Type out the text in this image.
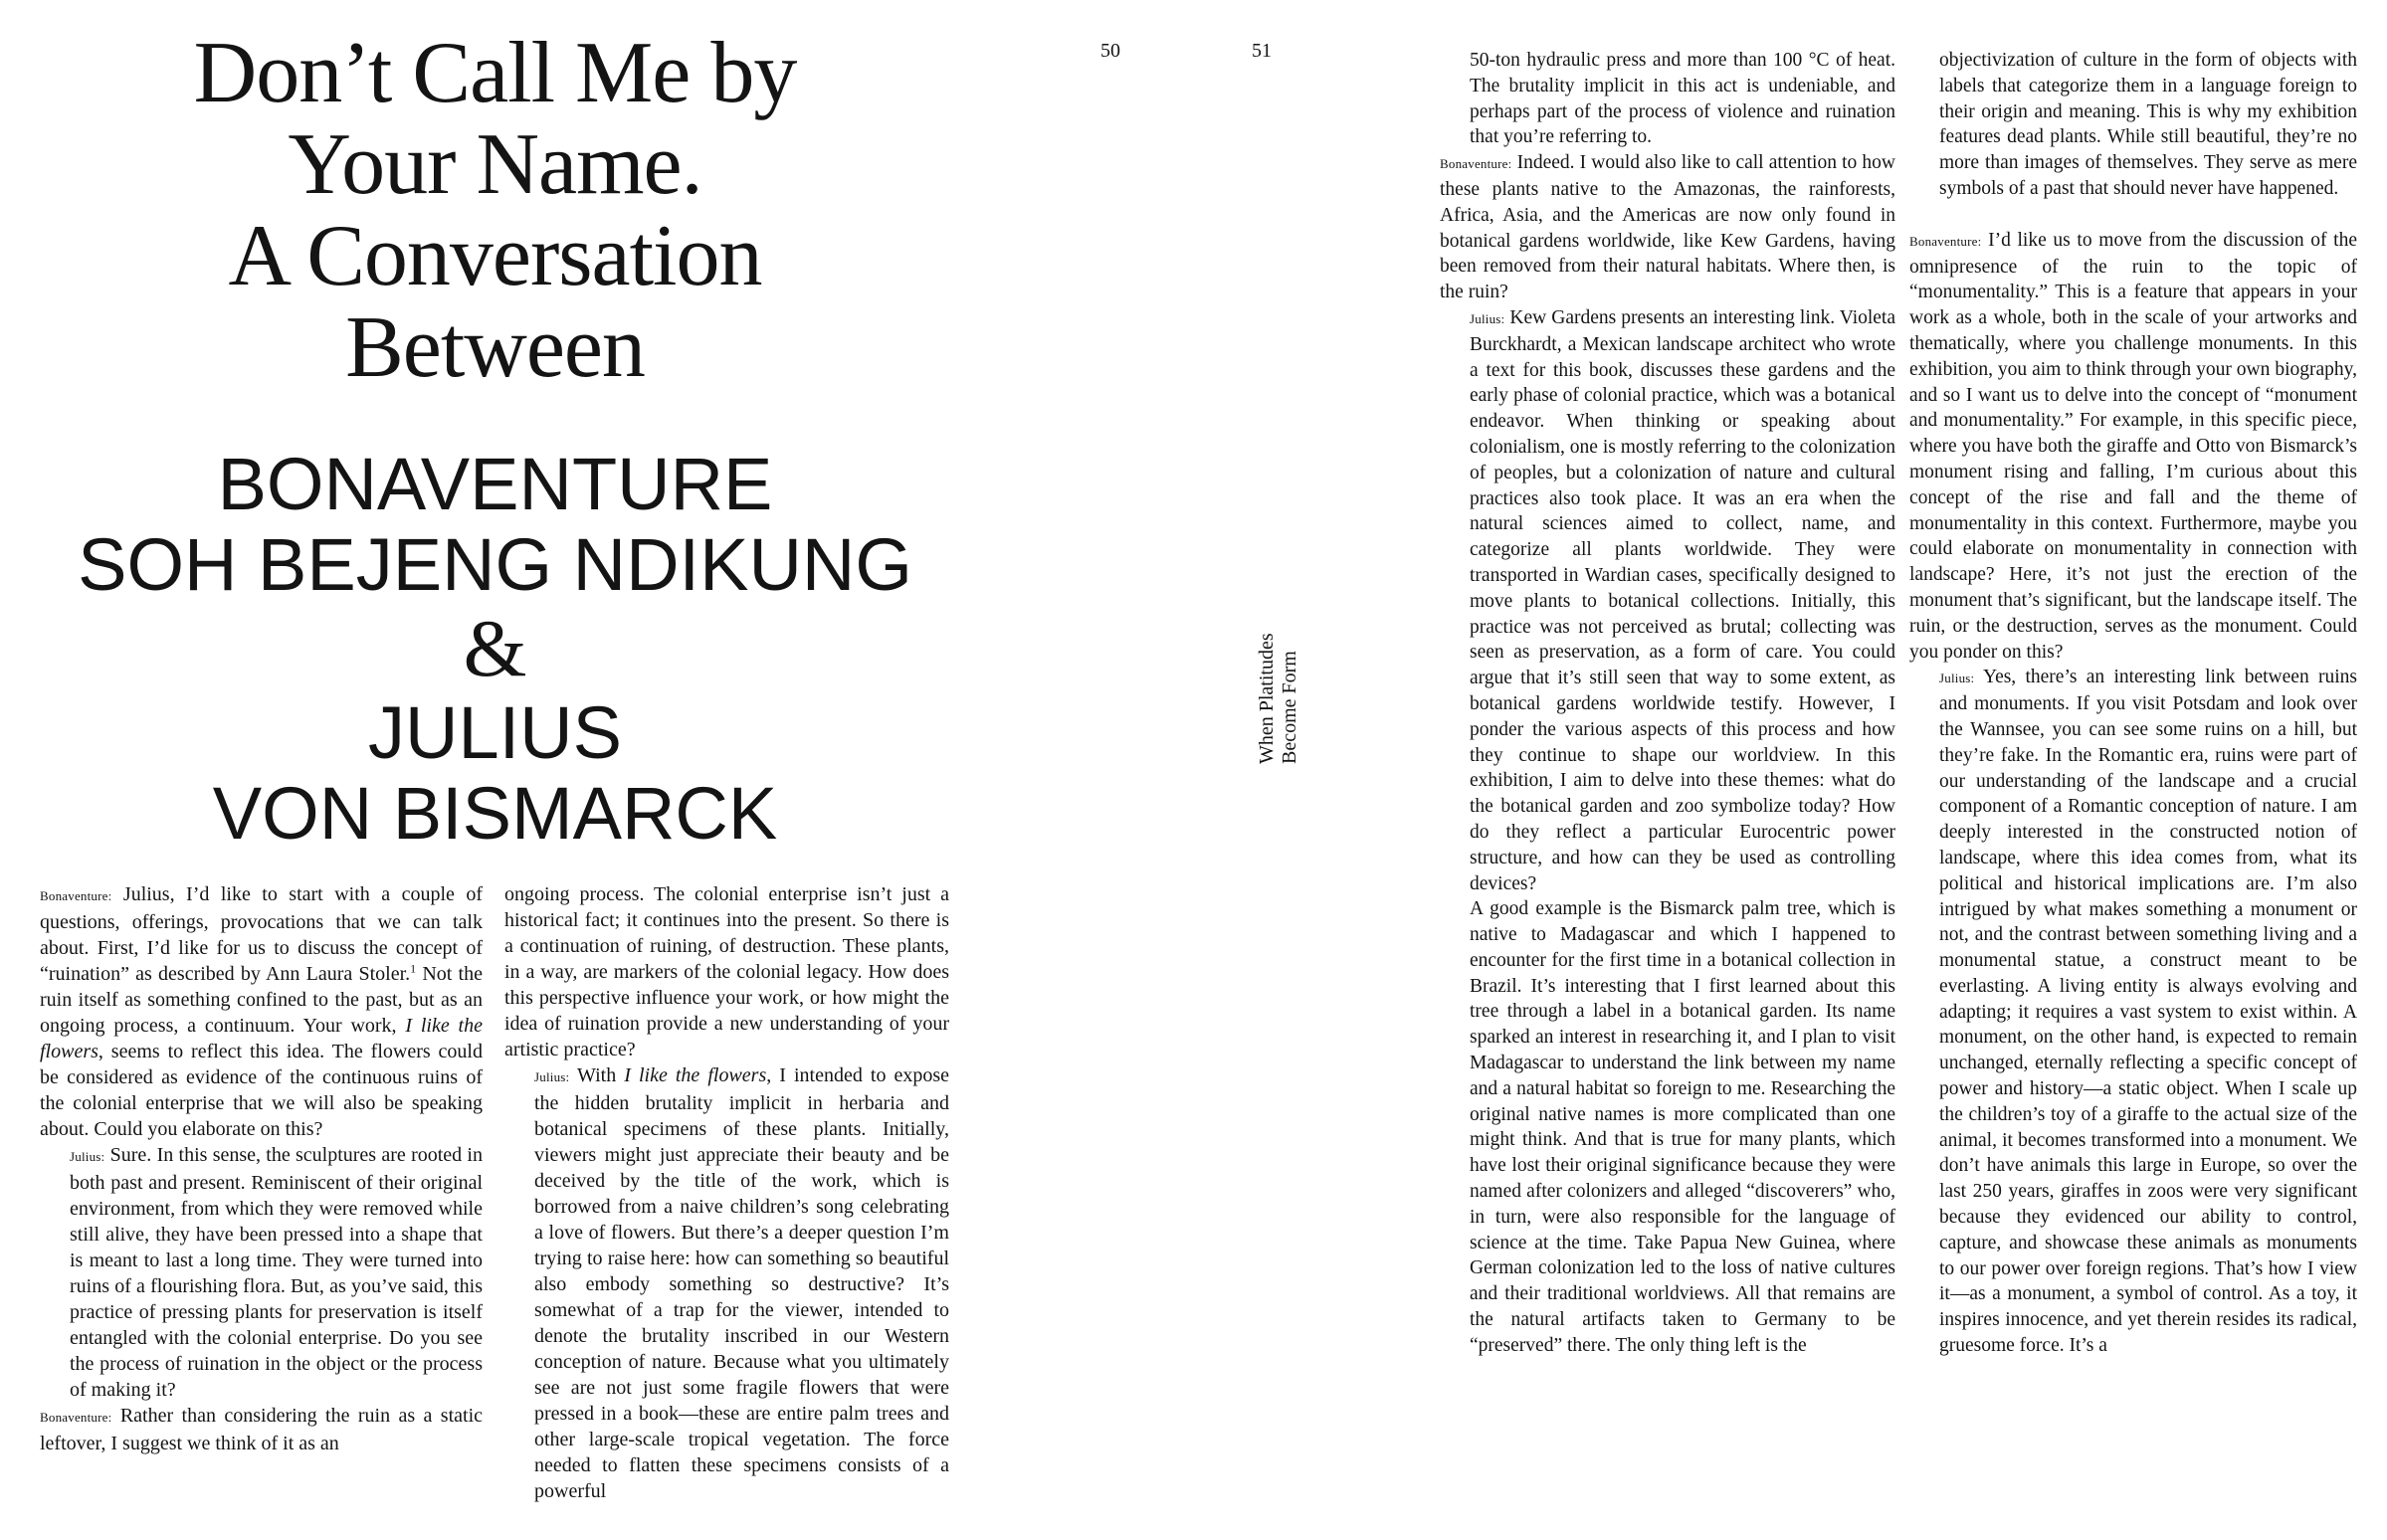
50	51
Don’t Call Me by
Your Name.
A Conversation
Between
BONAVENTURE
SOH BEJENG NDIKUNG
&
JULIUS
VON BISMARCK
When Platitudes Become Form

Bonaventure: Julius, I’d like to start with a couple of questions, offerings, provocations that we can talk about. First, I’d like for us to discuss the concept of “ruination” as described by Ann Laura Stoler.$^1$ Not the ruin itself as something confined to the past, but as an ongoing process, a continuum. Your work, I like the flowers, seems to reflect this idea. The flowers could be considered as evidence of the continuous ruins of the colonial enterprise that we will also be speaking about. Could you elaborate on this?

Julius: Sure. In this sense, the sculptures are rooted in both past and present. Reminiscent of their original environment, from which they were removed while still alive, they have been pressed into a shape that is meant to last a long time. They were turned into ruins of a flourishing flora. But, as you’ve said, this practice of pressing plants for preservation is itself entangled with the colonial enterprise. Do you see the process of ruination in the object or the process of making it?

Bonaventure: Rather than considering the ruin as a static leftover, I suggest we think of it as an

ongoing process. The colonial enterprise isn’t just a historical fact; it continues into the present. So there is a continuation of ruining, of destruction. These plants, in a way, are markers of the colonial legacy. How does this perspective influence your work, or how might the idea of ruination provide a new understanding of your artistic practice?

Julius: With I like the flowers, I intended to expose the hidden brutality implicit in herbaria and botanical specimens of these plants. Initially, viewers might just appreciate their beauty and be deceived by the title of the work, which is borrowed from a naive children’s song celebrating a love of flowers. But there’s a deeper question I’m trying to raise here: how can something so beautiful also embody something so destructive? It’s somewhat of a trap for the viewer, intended to denote the brutality inscribed in our Western conception of nature. Because what you ultimately see are not just some fragile flowers that were pressed in a book—these are entire palm trees and other large-scale tropical vegetation. The force needed to flatten these specimens consists of a powerful

50-ton hydraulic press and more than 100 °C of heat. The brutality implicit in this act is undeniable, and perhaps part of the process of violence and ruination that you’re referring to.

Bonaventure: Indeed. I would also like to call attention to how these plants native to the Amazonas, the rainforests, Africa, Asia, and the Americas are now only found in botanical gardens worldwide, like Kew Gardens, having been removed from their natural habitats. Where then, is the ruin?

Julius: Kew Gardens presents an interesting link. Violeta Burckhardt, a Mexican landscape architect who wrote a text for this book, discusses these gardens and the early phase of colonial practice, which was a botanical endeavor. When thinking or speaking about colonialism, one is mostly referring to the colonization of peoples, but a colonization of nature and cultural practices also took place. It was an era when the natural sciences aimed to collect, name, and categorize all plants worldwide. They were transported in Wardian cases, specifically designed to move plants to botanical collections. Initially, this practice was not perceived as brutal; collecting was seen as preservation, as a form of care. You could argue that it’s still seen that way to some extent, as botanical gardens worldwide testify. However, I ponder the various aspects of this process and how they continue to shape our worldview. In this exhibition, I aim to delve into these themes: what do the botanical garden and zoo symbolize today? How do they reflect a particular Eurocentric power structure, and how can they be used as controlling devices?

A good example is the Bismarck palm tree, which is native to Madagascar and which I happened to encounter for the first time in a botanical collection in Brazil. It’s interesting that I first learned about this tree through a label in a botanical garden. Its name sparked an interest in researching it, and I plan to visit Madagascar to understand the link between my name and a natural habitat so foreign to me. Researching the original native names is more complicated than one might think. And that is true for many plants, which have lost their original significance because they were named after colonizers and alleged “discoverers” who, in turn, were also responsible for the language of science at the time. Take Papua New Guinea, where German colonization led to the loss of native cultures and their traditional worldviews. All that remains are the natural artifacts taken to Germany to be “preserved” there. The only thing left is the

objectivization of culture in the form of objects with labels that categorize them in a language foreign to their origin and meaning. This is why my exhibition features dead plants. While still beautiful, they’re no more than images of themselves. They serve as mere symbols of a past that should never have happened.

Bonaventure: I’d like us to move from the discussion of the omnipresence of the ruin to the topic of “monumentality.” This is a feature that appears in your work as a whole, both in the scale of your artworks and thematically, where you challenge monuments. In this exhibition, you aim to think through your own biography, and so I want us to delve into the concept of “monument and monumentality.” For example, in this specific piece, where you have both the giraffe and Otto von Bismarck’s monument rising and falling, I’m curious about this concept of the rise and fall and the theme of monumentality in this context. Furthermore, maybe you could elaborate on monumentality in connection with landscape? Here, it’s not just the erection of the monument that’s significant, but the landscape itself. The ruin, or the destruction, serves as the monument. Could you ponder on this?

Julius: Yes, there’s an interesting link between ruins and monuments. If you visit Potsdam and look over the Wannsee, you can see some ruins on a hill, but they’re fake. In the Romantic era, ruins were part of our understanding of the landscape and a crucial component of a Romantic conception of nature. I am deeply interested in the constructed notion of landscape, where this idea comes from, what its political and historical implications are. I’m also intrigued by what makes something a monument or not, and the contrast between something living and a monumental statue, a construct meant to be everlasting. A living entity is always evolving and adapting; it requires a vast system to exist within. A monument, on the other hand, is expected to remain unchanged, eternally reflecting a specific concept of power and history—a static object. When I scale up the children’s toy of a giraffe to the actual size of the animal, it becomes transformed into a monument. We don’t have animals this large in Europe, so over the last 250 years, giraffes in zoos were very significant because they evidenced our ability to control, capture, and showcase these animals as monuments to our power over foreign regions. That’s how I view it—as a monument, a symbol of control. As a toy, it inspires innocence, and yet therein resides its radical, gruesome force. It’s a
